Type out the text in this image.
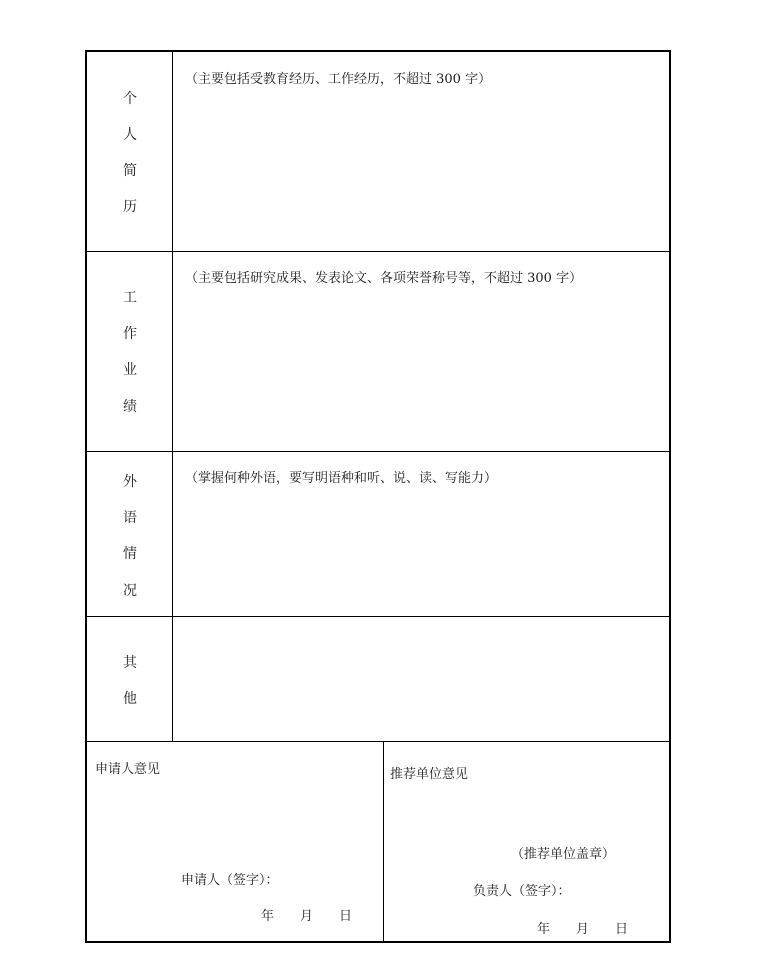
个
人
简
历
（主要包括受教育经历、工作经历，不超过 300 字）
工
作
业
绩
（主要包括研究成果、发表论文、各项荣誉称号等，不超过 300 字）
外
语
情
况
（掌握何种外语，要写明语种和听、说、读、写能力）
其
他
申请人意见
申请人（签字）：
年　　月　　日
推荐单位意见
（推荐单位盖章）
负责人（签字）：
年　　月　　日
